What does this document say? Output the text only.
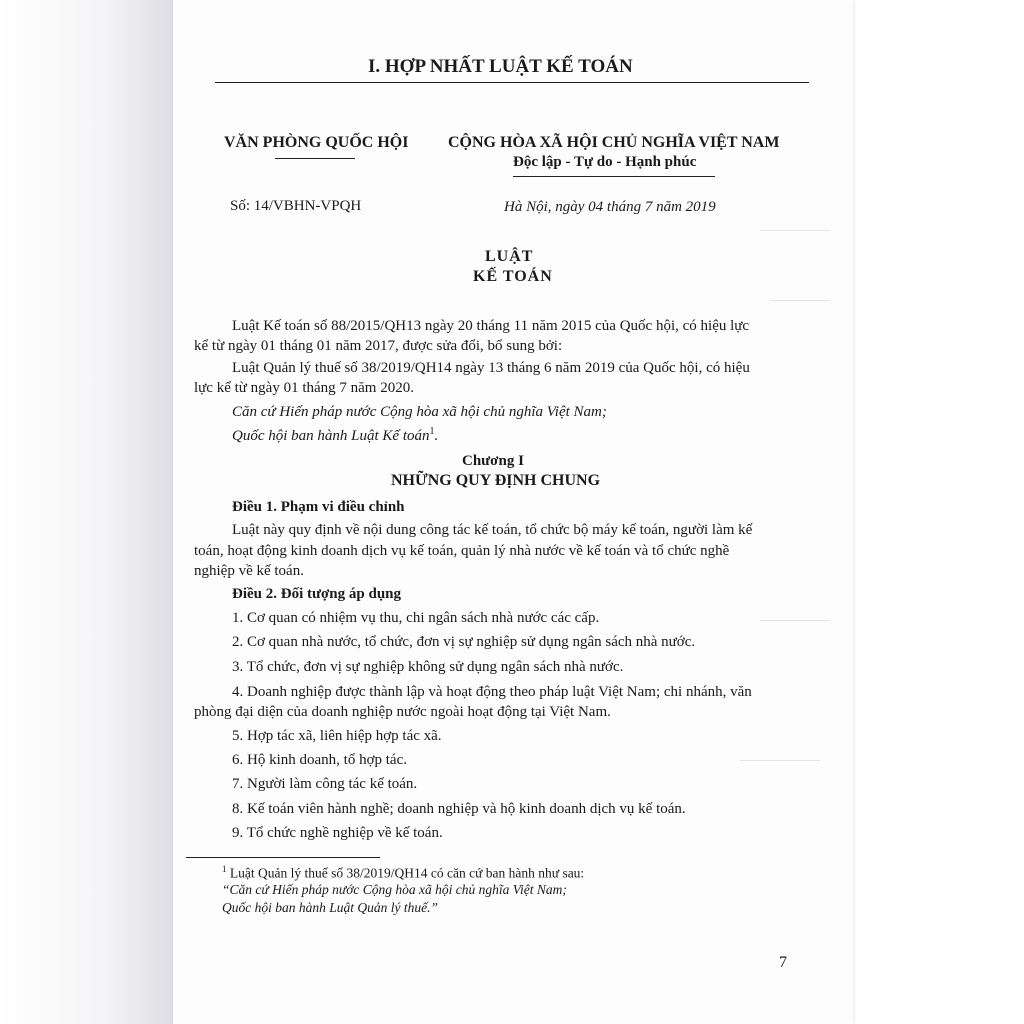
I. HỢP NHẤT LUẬT KẾ TOÁN
VĂN PHÒNG QUỐC HỘI CỘNG HÒA XÃ HỘI CHỦ NGHĨA VIỆT NAM
Độc lập - Tự do - Hạnh phúc
Số: 14/VBHN-VPQH	Hà Nội, ngày 04 tháng 7 năm 2019
LUẬT
KẾ TOÁN
Luật Kế toán số 88/2015/QH13 ngày 20 tháng 11 năm 2015 của Quốc hội, có hiệu lực
kể từ ngày 01 tháng 01 năm 2017, được sửa đổi, bổ sung bởi:
Luật Quản lý thuế số 38/2019/QH14 ngày 13 tháng 6 năm 2019 của Quốc hội, có hiệu
lực kể từ ngày 01 tháng 7 năm 2020.
Căn cứ Hiến pháp nước Cộng hòa xã hội chủ nghĩa Việt Nam;
Quốc hội ban hành Luật Kế toán$^1$.
Chương I
NHỮNG QUY ĐỊNH CHUNG
Điều 1. Phạm vi điều chỉnh
Luật này quy định về nội dung công tác kế toán, tổ chức bộ máy kế toán, người làm kế
toán, hoạt động kinh doanh dịch vụ kế toán, quản lý nhà nước về kế toán và tổ chức nghề
nghiệp về kế toán.
Điều 2. Đối tượng áp dụng
1. Cơ quan có nhiệm vụ thu, chi ngân sách nhà nước các cấp.
2. Cơ quan nhà nước, tổ chức, đơn vị sự nghiệp sử dụng ngân sách nhà nước.
3. Tổ chức, đơn vị sự nghiệp không sử dụng ngân sách nhà nước.
4. Doanh nghiệp được thành lập và hoạt động theo pháp luật Việt Nam; chi nhánh, văn
phòng đại diện của doanh nghiệp nước ngoài hoạt động tại Việt Nam.
5. Hợp tác xã, liên hiệp hợp tác xã.
6. Hộ kinh doanh, tổ hợp tác.
7. Người làm công tác kế toán.
8. Kế toán viên hành nghề; doanh nghiệp và hộ kinh doanh dịch vụ kế toán.
9. Tổ chức nghề nghiệp về kế toán.
$^1$ Luật Quản lý thuế số 38/2019/QH14 có căn cứ ban hành như sau:
“Căn cứ Hiến pháp nước Cộng hòa xã hội chủ nghĩa Việt Nam;
Quốc hội ban hành Luật Quản lý thuế.”
7
